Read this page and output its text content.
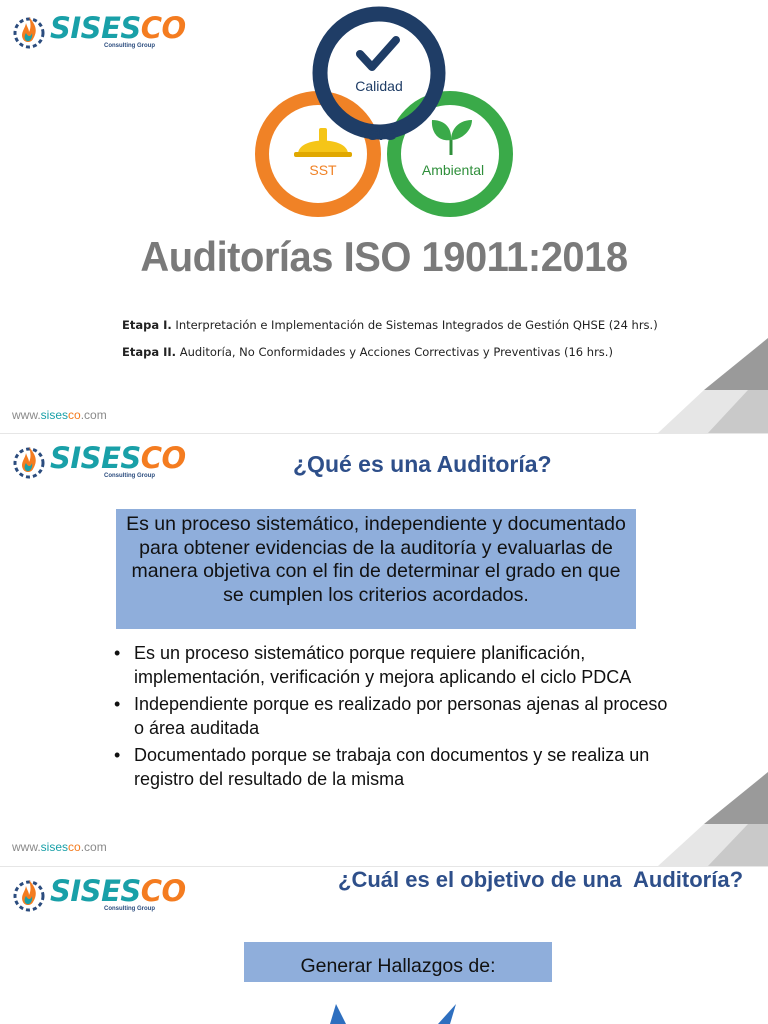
SISESCO
Consulting Group
Calidad
SIG
SST	Ambiental
Auditorías ISO 19011:2018
Etapa I. Interpretación e Implementación de Sistemas Integrados de Gestión QHSE (24 hrs.)
Etapa II. Auditoría, No Conformidades y Acciones Correctivas y Preventivas (16 hrs.)
www.sisesco.com
SISESCO
Consulting Group	¿Qué es una Auditoría?
Es un proceso sistemático, independiente y documentado para obtener evidencias de la auditoría y evaluarlas de manera objetiva con el fin de determinar el grado en que se cumplen los criterios acordados.
• Es un proceso sistemático porque requiere planificación, implementación, verificación y mejora aplicando el ciclo PDCA
• Independiente porque es realizado por personas ajenas al proceso o área auditada
• Documentado porque se trabaja con documentos y se realiza un registro del resultado de la misma
www.sisesco.com
SISESCO
Consulting Group
¿Cuál es el objetivo de una  Auditoría?
Generar Hallazgos de:
